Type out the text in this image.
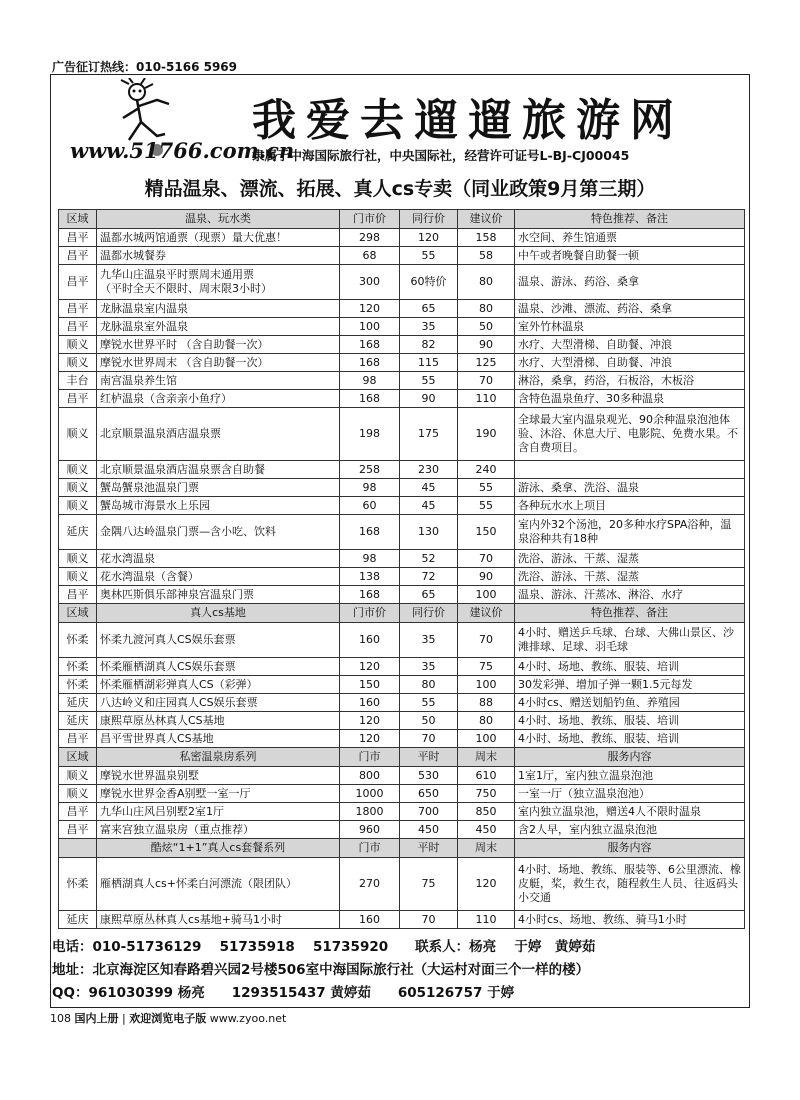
广告征订热线：010-5166 5969
我爱去遛遛旅游网
www.51766.com.cn
隶属于中海国际旅行社，中央国际社，经营许可证号L-BJ-CJ00045
精品温泉、漂流、拓展、真人cs专卖（同业政策9月第三期）
区域	温泉、玩水类	门市价	同行价	建议价	特色推荐、备注
昌平	温都水城两馆通票（现票）量大优惠！	298	120	158	水空间、养生馆通票
昌平	温都水城餐券	68	55	58	中午或者晚餐自助餐一顿
昌平	九华山庄温泉平时票周末通用票
（平时全天不限时、周末限3小时）	300	60特价	80	温泉、游泳、药浴、桑拿
昌平	龙脉温泉室内温泉	120	65	80	温泉、沙滩、漂流、药浴、桑拿
昌平	龙脉温泉室外温泉	100	35	50	室外竹林温泉
顺义	摩锐水世界平时 （含自助餐一次）	168	82	90	水疗、大型滑梯、自助餐、冲浪
顺义	摩锐水世界周末 （含自助餐一次）	168	115	125	水疗、大型滑梯、自助餐、冲浪
丰台	南宫温泉养生馆	98	55	70	淋浴，桑拿，药浴，石板浴，木板浴
昌平	红栌温泉（含亲亲小鱼疗）	168	90	110	含特色温泉鱼疗、30多种温泉
顺义	北京顺景温泉酒店温泉票	198	175	190	全球最大室内温泉观光、90余种温泉泡池体验、沐浴、休息大厅、电影院、免费水果。不含自费项目。
顺义	北京顺景温泉酒店温泉票含自助餐	258	230	240	
顺义	蟹岛蟹泉池温泉门票	98	45	55	游泳、桑拿、洗浴、温泉
顺义	蟹岛城市海景水上乐园	60	45	55	各种玩水水上项目
延庆	金隅八达岭温泉门票—含小吃、饮料	168	130	150	室内外32个汤池，20多种水疗SPA浴种，温泉浴种共有18种
顺义	花水湾温泉	98	52	70	洗浴、游泳、干蒸、湿蒸
顺义	花水湾温泉（含餐）	138	72	90	洗浴、游泳、干蒸、湿蒸
昌平	奥林匹斯俱乐部神泉宫温泉门票	168	65	100	温泉、游泳、汗蒸冰、淋浴、水疗
区域	真人cs基地	门市价	同行价	建议价	特色推荐、备注
怀柔	怀柔九渡河真人CS娱乐套票	160	35	70	4小时、赠送乒乓球、台球、大佛山景区、沙滩排球、足球、羽毛球
怀柔	怀柔雁栖湖真人CS娱乐套票	120	35	75	4小时、场地、教练、服装、培训
怀柔	怀柔雁栖湖彩弹真人CS（彩弹）	150	80	100	30发彩弹、增加子弹一颗1.5元每发
延庆	八达岭义和庄园真人CS娱乐套票	160	55	88	4小时cs、赠送划船钓鱼、养殖园
延庆	康熙草原丛林真人CS基地	120	50	80	4小时、场地、教练、服装、培训
昌平	昌平雪世界真人CS基地	120	70	100	4小时、场地、教练、服装、培训
区域	私密温泉房系列	门市	平时	周末	服务内容
顺义	摩锐水世界温泉别墅	800	530	610	1室1厅，室内独立温泉泡池
顺义	摩锐水世界金香A别墅一室一厅	1000	650	750	一室一厅（独立温泉泡池）
昌平	九华山庄风吕别墅2室1厅	1800	700	850	室内独立温泉池，赠送4人不限时温泉
昌平	富来宫独立温泉房（重点推荐）	960	450	450	含2人早，室内独立温泉泡池
	酷炫“1+1”真人cs套餐系列	门市	平时	周末	服务内容
怀柔	雁栖湖真人cs+怀柔白河漂流（限团队）	270	75	120	4小时、场地、教练、服装等、6公里漂流、橡皮艇，桨，救生衣，随程救生人员、往返码头小交通
延庆	康熙草原丛林真人cs基地+骑马1小时	160	70	110	4小时cs、场地、教练、骑马1小时
电话：010-51736129　 51735918　 51735920　　联系人：杨亮　 于婷　黄婷茹
地址：北京海淀区知春路碧兴园2号楼506室中海国际旅行社（大运村对面三个一样的楼）
QQ：961030399 杨亮　　1293515437 黄婷茹　　605126757 于婷
108 国内上册 | 欢迎浏览电子版 www.zyoo.net
